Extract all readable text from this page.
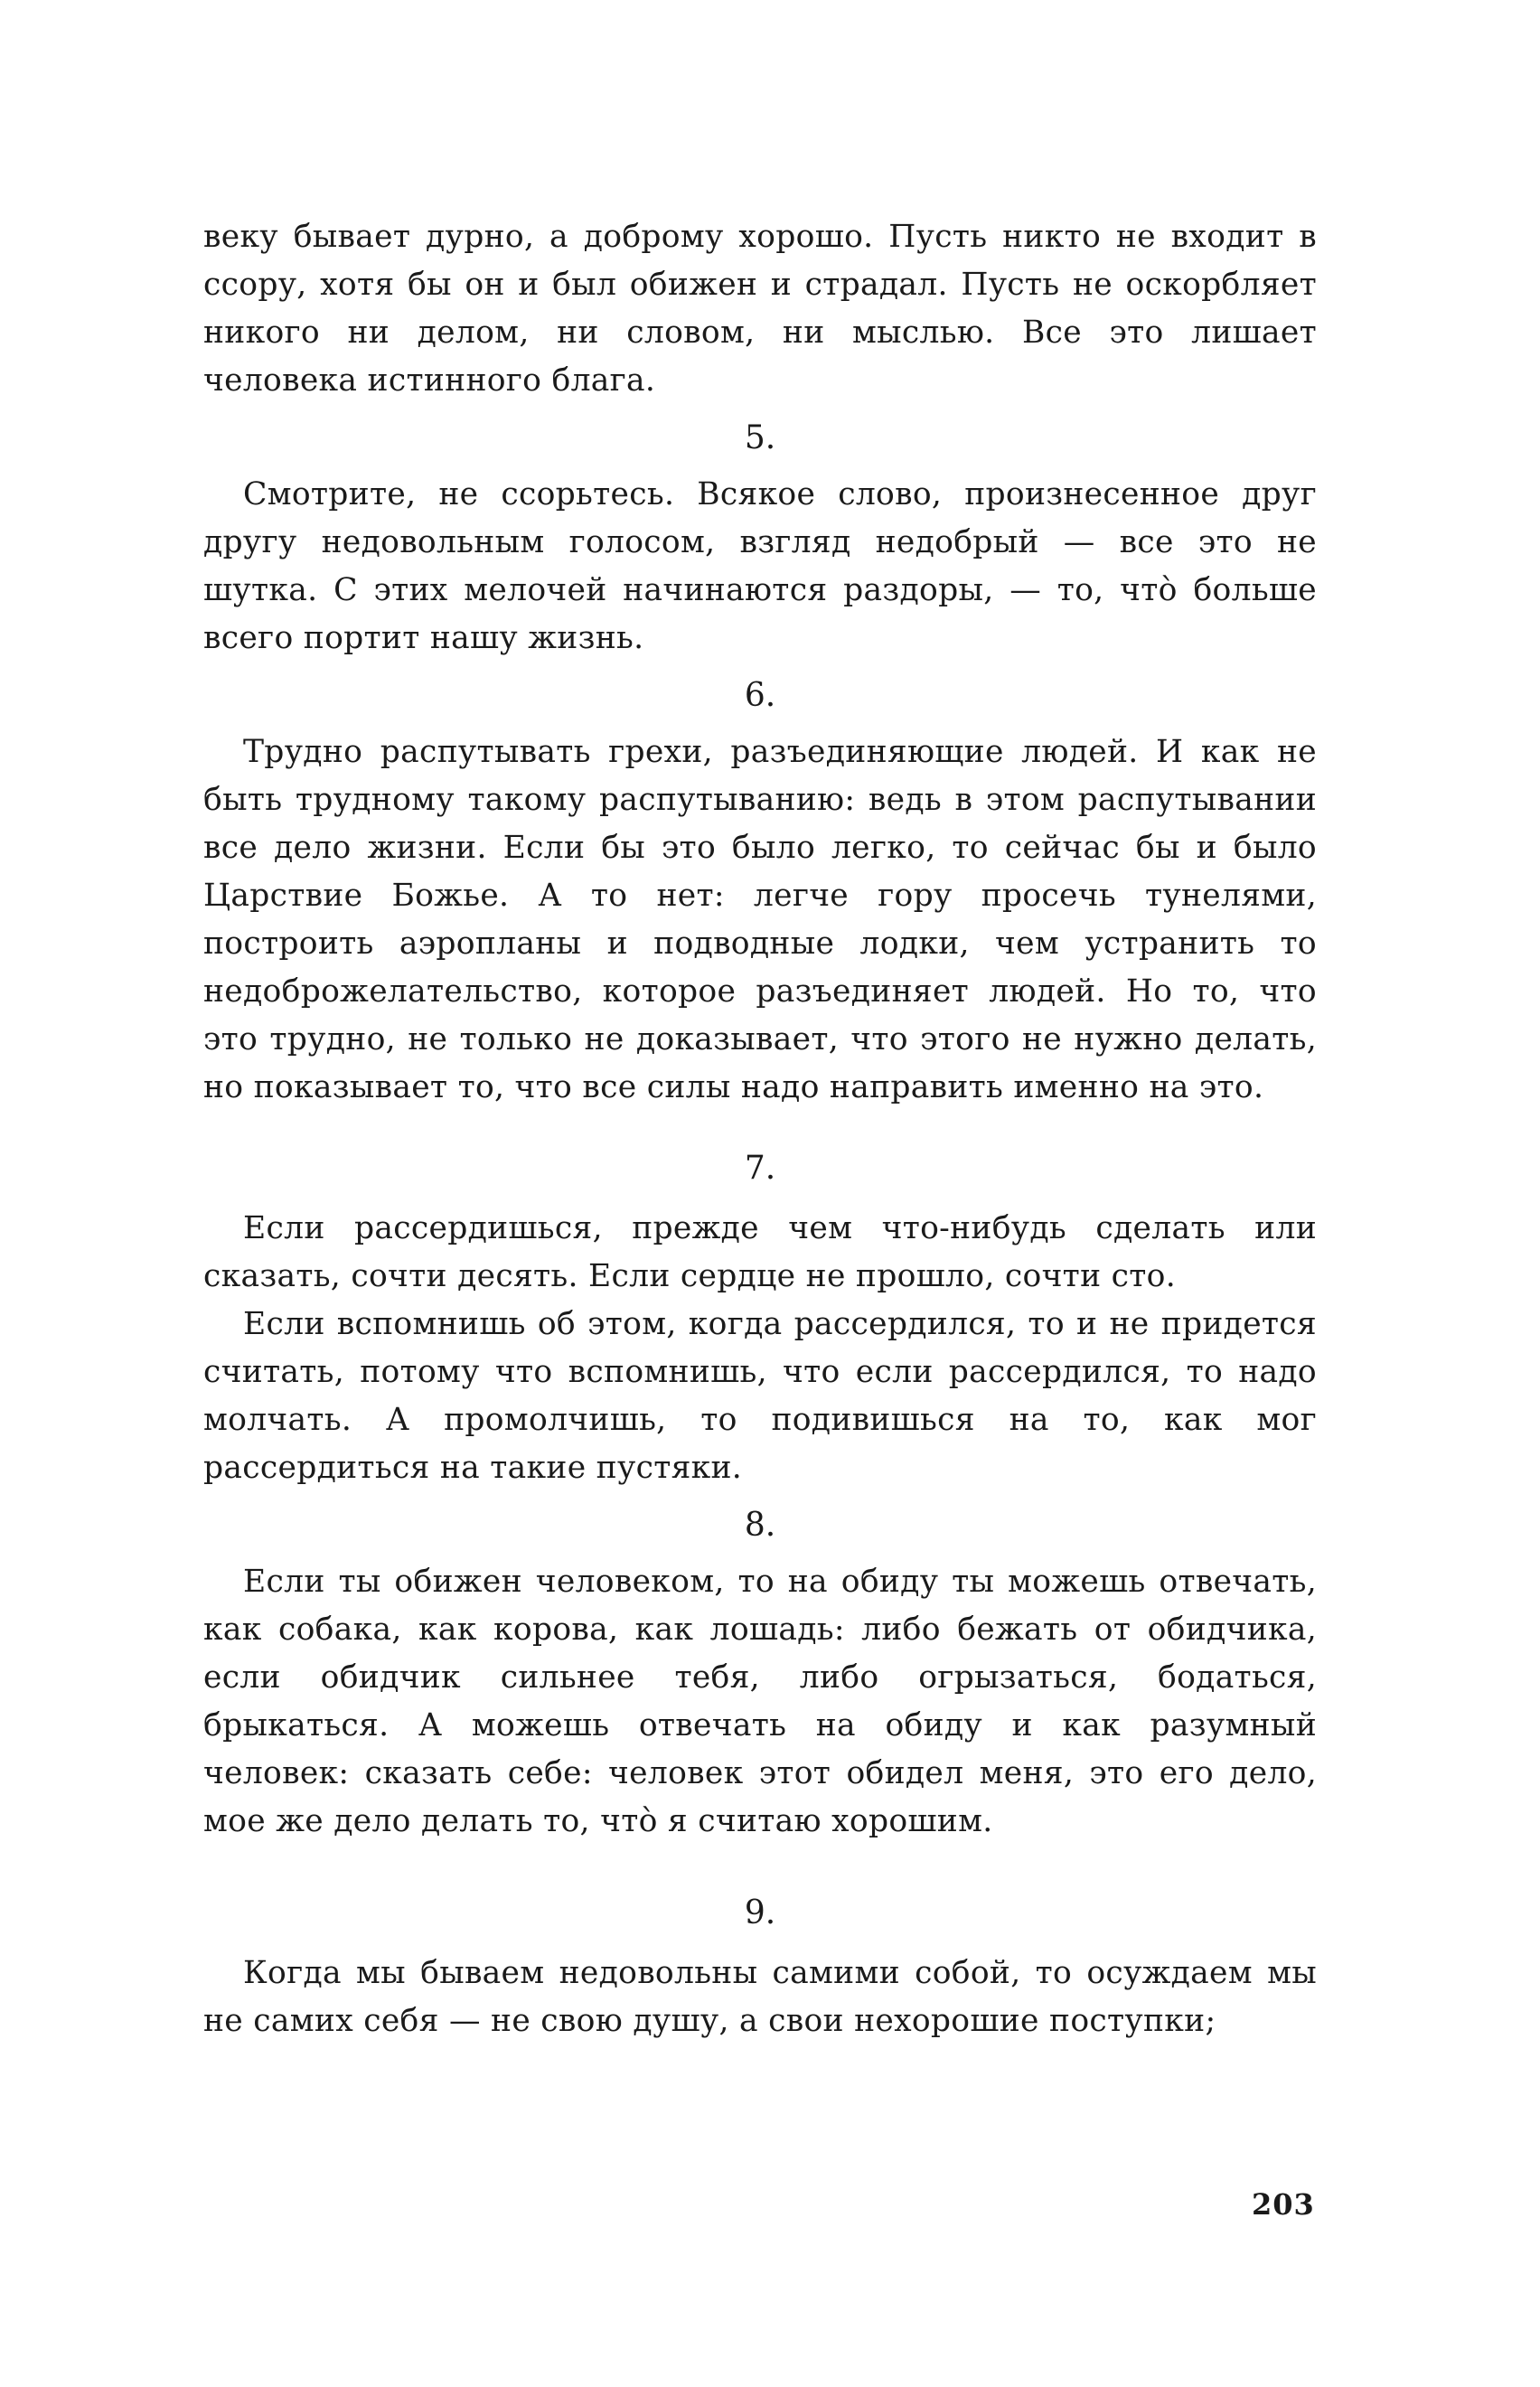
веку бывает дурно, а доброму хорошо. Пусть никто не входит в ссору, хотя бы он и был обижен и страдал. Пусть не оскорбляет никого ни делом, ни словом, ни мыслью. Все это лишает человека истинного блага.

5.

Смотрите, не ссорьтесь. Всякое слово, произнесенное друг другу недовольным голосом, взгляд недобрый — все это не шутка. С этих мелочей начинаются раздоры, — то, что̀ больше всего портит нашу жизнь.

6.

Трудно распутывать грехи, разъединяющие людей. И как не быть трудному такому распутыванию: ведь в этом распутывании все дело жизни. Если бы это было легко, то сейчас бы и было Царствие Божье. А то нет: легче гору просечь тунелями, построить аэропланы и подводные лодки, чем устранить то недоброжелательство, которое разъединяет людей. Но то, что это трудно, не только не доказывает, что этого не нужно делать, но показывает то, что все силы надо направить именно на это.

7.

Если рассердишься, прежде чем что-нибудь сделать или сказать, сочти десять. Если сердце не прошло, сочти сто.

Если вспомнишь об этом, когда рассердился, то и не придется считать, потому что вспомнишь, что если рассердился, то надо молчать. А промолчишь, то подивишься на то, как мог рассердиться на такие пустяки.

8.

Если ты обижен человеком, то на обиду ты можешь отвечать, как собака, как корова, как лошадь: либо бежать от обидчика, если обидчик сильнее тебя, либо огрызаться, бодаться, брыкаться. А можешь отвечать на обиду и как разумный человек: сказать себе: человек этот обидел меня, это его дело, мое же дело делать то, что̀ я считаю хорошим.

9.

Когда мы бываем недовольны самими собой, то осуждаем мы не самих себя — не свою душу, а свои нехорошие поступки;

203
